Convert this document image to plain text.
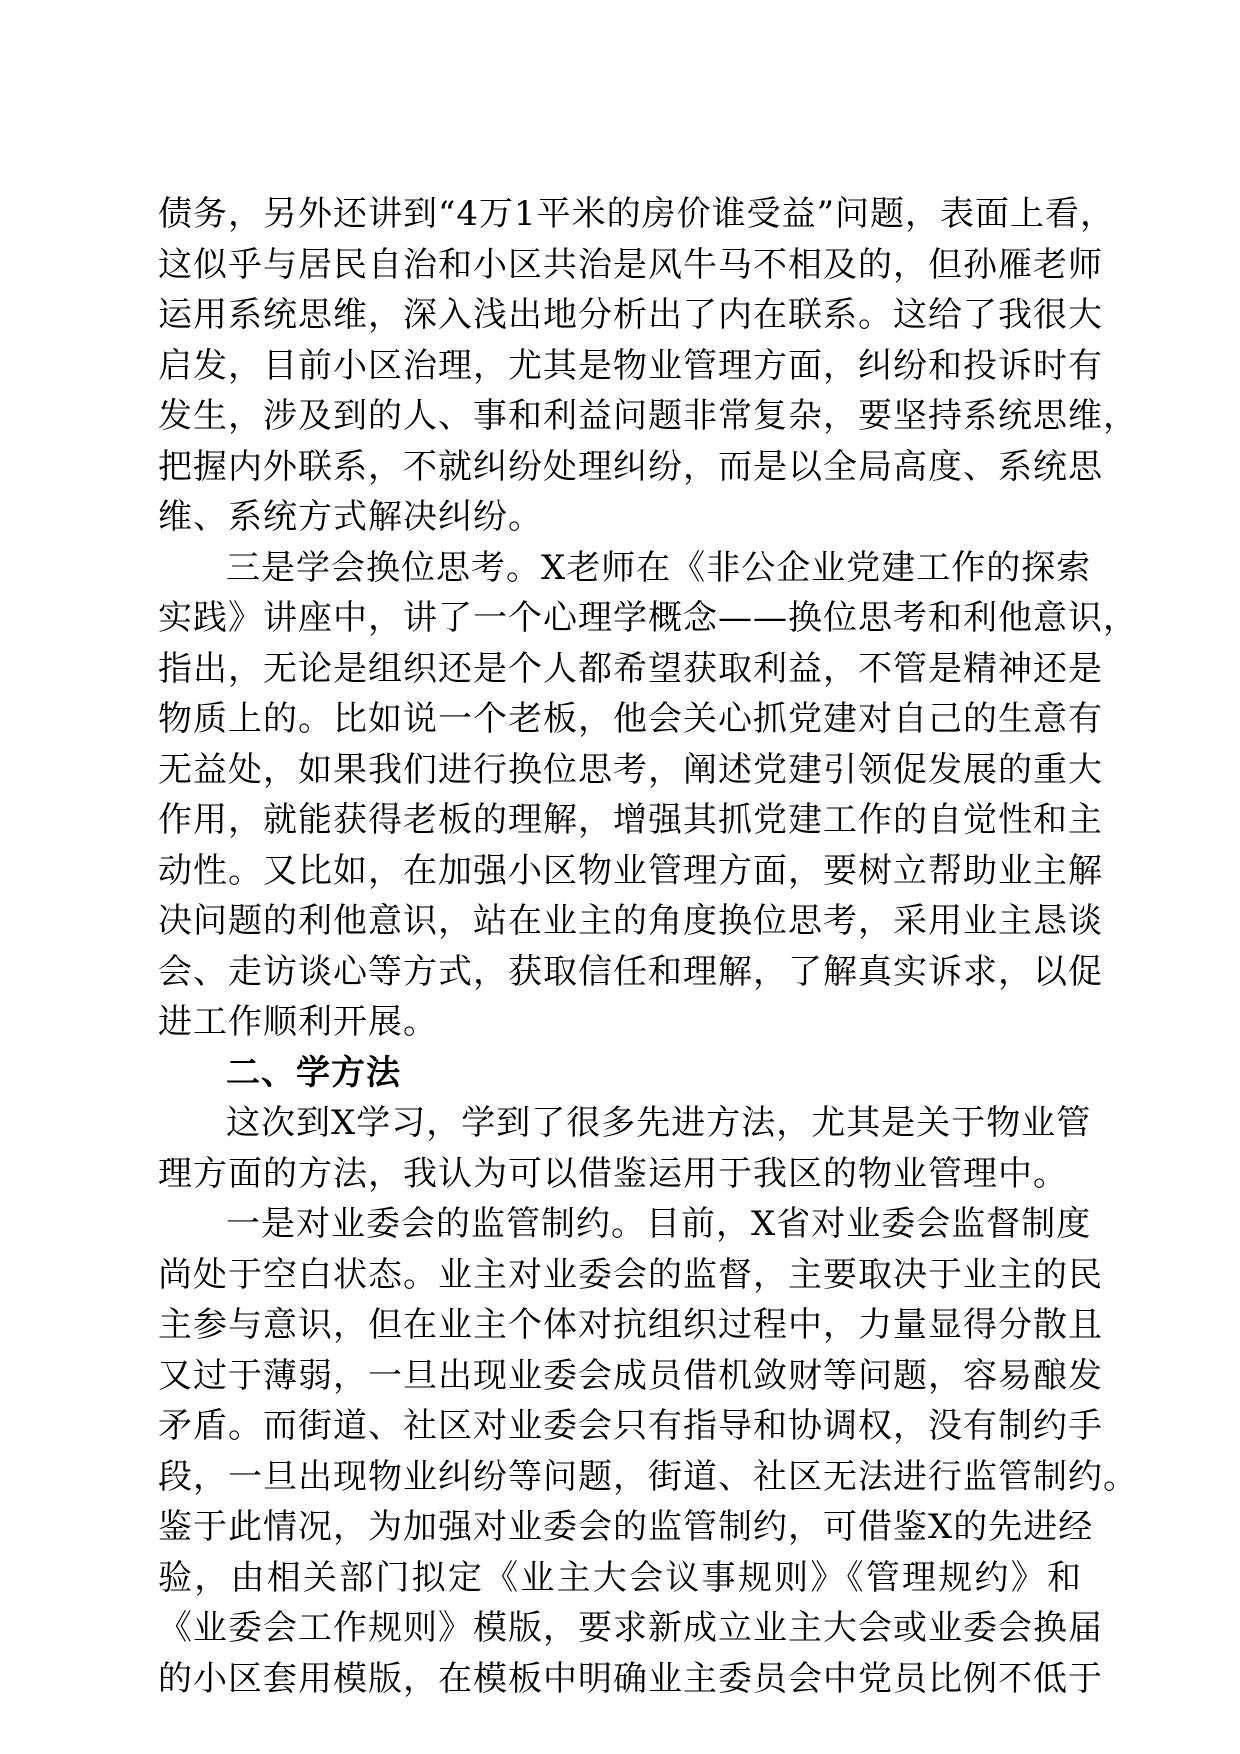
债务，另外还讲到“4万1平米的房价谁受益”问题，表面上看，
这似乎与居民自治和小区共治是风牛马不相及的，但孙雁老师
运用系统思维，深入浅出地分析出了内在联系。这给了我很大
启发，目前小区治理，尤其是物业管理方面，纠纷和投诉时有
发生，涉及到的人、事和利益问题非常复杂，要坚持系统思维，
把握内外联系，不就纠纷处理纠纷，而是以全局高度、系统思
维、系统方式解决纠纷。
三是学会换位思考。X老师在《非公企业党建工作的探索
实践》讲座中，讲了一个心理学概念——换位思考和利他意识，
指出，无论是组织还是个人都希望获取利益，不管是精神还是
物质上的。比如说一个老板，他会关心抓党建对自己的生意有
无益处，如果我们进行换位思考，阐述党建引领促发展的重大
作用，就能获得老板的理解，增强其抓党建工作的自觉性和主
动性。又比如，在加强小区物业管理方面，要树立帮助业主解
决问题的利他意识，站在业主的角度换位思考，采用业主恳谈
会、走访谈心等方式，获取信任和理解，了解真实诉求，以促
进工作顺利开展。
二、学方法
这次到X学习，学到了很多先进方法，尤其是关于物业管
理方面的方法，我认为可以借鉴运用于我区的物业管理中。
一是对业委会的监管制约。目前，X省对业委会监督制度
尚处于空白状态。业主对业委会的监督，主要取决于业主的民
主参与意识，但在业主个体对抗组织过程中，力量显得分散且
又过于薄弱，一旦出现业委会成员借机敛财等问题，容易酿发
矛盾。而街道、社区对业委会只有指导和协调权，没有制约手
段，一旦出现物业纠纷等问题，街道、社区无法进行监管制约。
鉴于此情况，为加强对业委会的监管制约，可借鉴X的先进经
验，由相关部门拟定《业主大会议事规则》《管理规约》和
《业委会工作规则》模版，要求新成立业主大会或业委会换届
的小区套用模版，在模板中明确业主委员会中党员比例不低于
